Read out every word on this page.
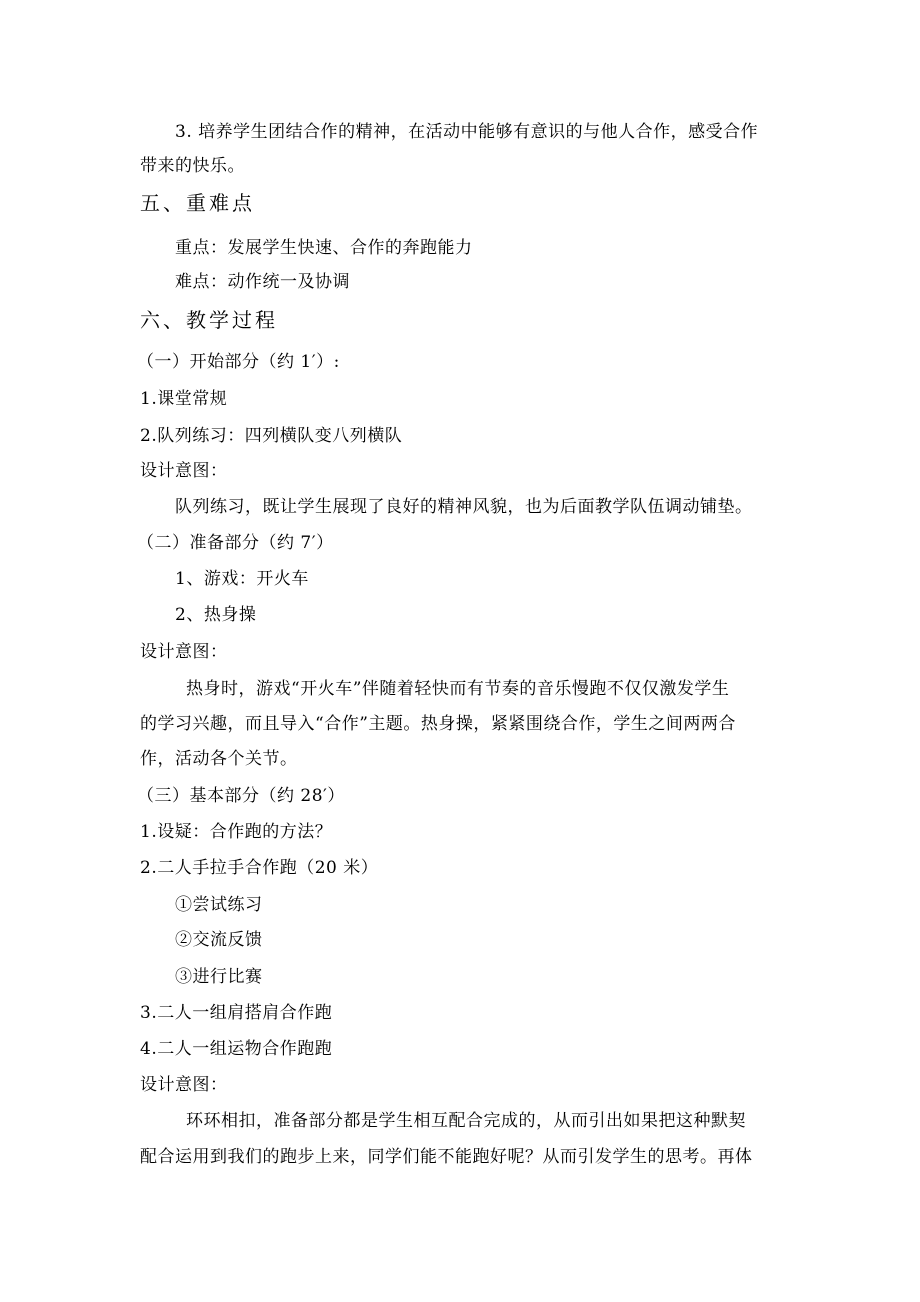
3. 培养学生团结合作的精神，在活动中能够有意识的与他人合作，感受合作
带来的快乐。
五、重难点
重点：发展学生快速、合作的奔跑能力
难点：动作统一及协调
六、教学过程
（一）开始部分（约 1′）:
1.课堂常规
2.队列练习：四列横队变八列横队
设计意图：
队列练习，既让学生展现了良好的精神风貌，也为后面教学队伍调动铺垫。
（二）准备部分（约 7′）
1、游戏：开火车
2、热身操
设计意图：
热身时，游戏“开火车”伴随着轻快而有节奏的音乐慢跑不仅仅激发学生
的学习兴趣，而且导入“合作”主题。热身操，紧紧围绕合作，学生之间两两合
作，活动各个关节。
（三）基本部分（约 28′）
1.设疑：合作跑的方法？
2.二人手拉手合作跑（20 米）
①尝试练习
②交流反馈
③进行比赛
3.二人一组肩搭肩合作跑
4.二人一组运物合作跑跑
设计意图：
环环相扣，准备部分都是学生相互配合完成的，从而引出如果把这种默契
配合运用到我们的跑步上来，同学们能不能跑好呢？从而引发学生的思考。再体
